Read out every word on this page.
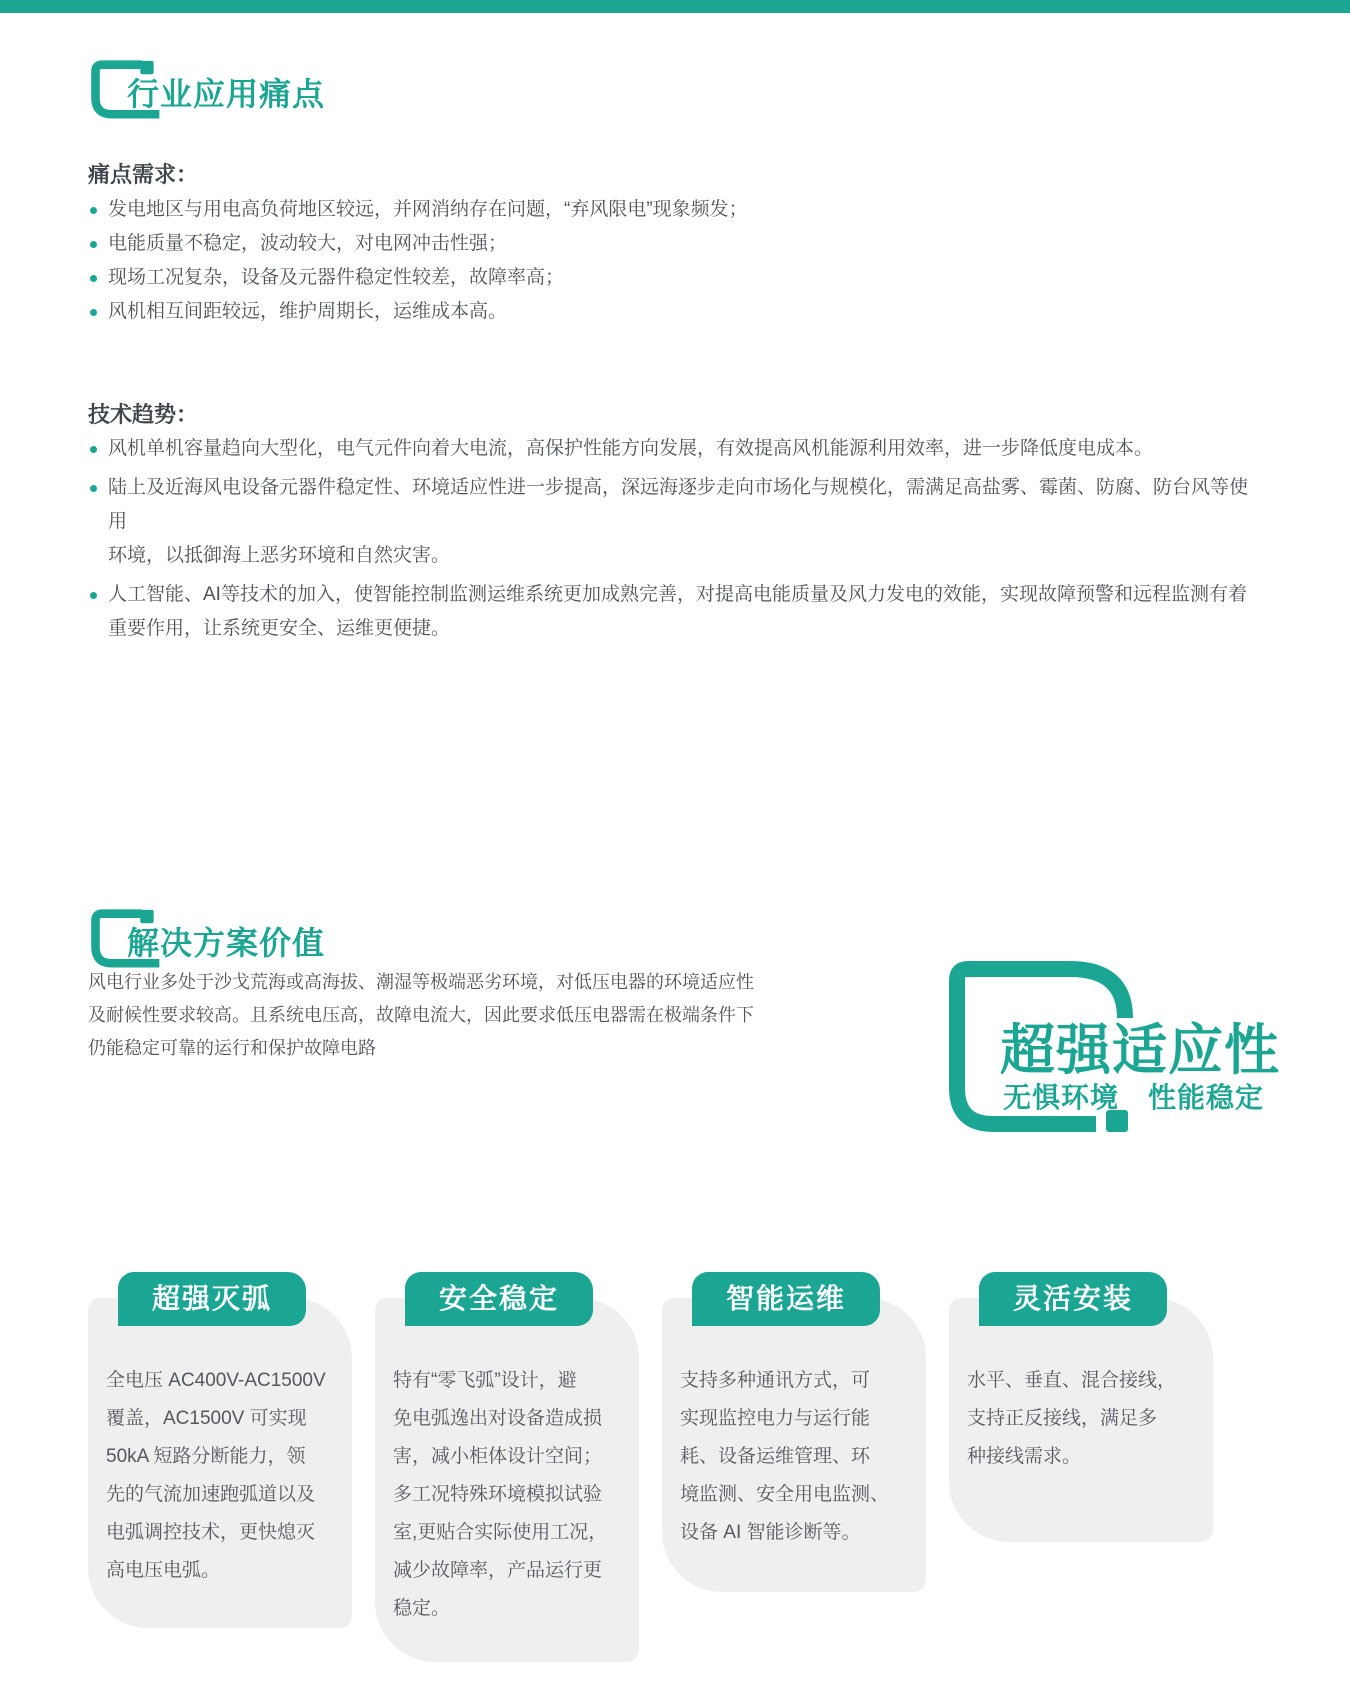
行业应用痛点
痛点需求：
发电地区与用电高负荷地区较远，并网消纳存在问题，“弃风限电”现象频发；
电能质量不稳定，波动较大，对电网冲击性强；
现场工况复杂，设备及元器件稳定性较差，故障率高；
风机相互间距较远，维护周期长，运维成本高。
技术趋势：
风机单机容量趋向大型化，电气元件向着大电流，高保护性能方向发展，有效提高风机能源利用效率，进一步降低度电成本。
陆上及近海风电设备元器件稳定性、环境适应性进一步提高，深远海逐步走向市场化与规模化，需满足高盐雾、霉菌、防腐、防台风等使用
环境，以抵御海上恶劣环境和自然灾害。
人工智能、AI等技术的加入，使智能控制监测运维系统更加成熟完善，对提高电能质量及风力发电的效能，实现故障预警和远程监测有着
重要作用，让系统更安全、运维更便捷。
解决方案价值
风电行业多处于沙戈荒海或高海拔、潮湿等极端恶劣环境，对低压电器的环境适应性
及耐候性要求较高。且系统电压高，故障电流大，因此要求低压电器需在极端条件下
仍能稳定可靠的运行和保护故障电路	超强适应性
无惧环境　性能稳定
超强灭弧
全电压 AC400V-AC1500V
覆盖，AC1500V 可实现
50kA 短路分断能力，领
先的气流加速跑弧道以及
电弧调控技术，更快熄灭
高电压电弧。
安全稳定
特有“零飞弧”设计，避
免电弧逸出对设备造成损
害，减小柜体设计空间；
多工况特殊环境模拟试验
室,更贴合实际使用工况，
减少故障率，产品运行更
稳定。
智能运维
支持多种通讯方式，可
实现监控电力与运行能
耗、设备运维管理、环
境监测、安全用电监测、
设备 AI 智能诊断等。
灵活安装
水平、垂直、混合接线，
支持正反接线，满足多
种接线需求。
